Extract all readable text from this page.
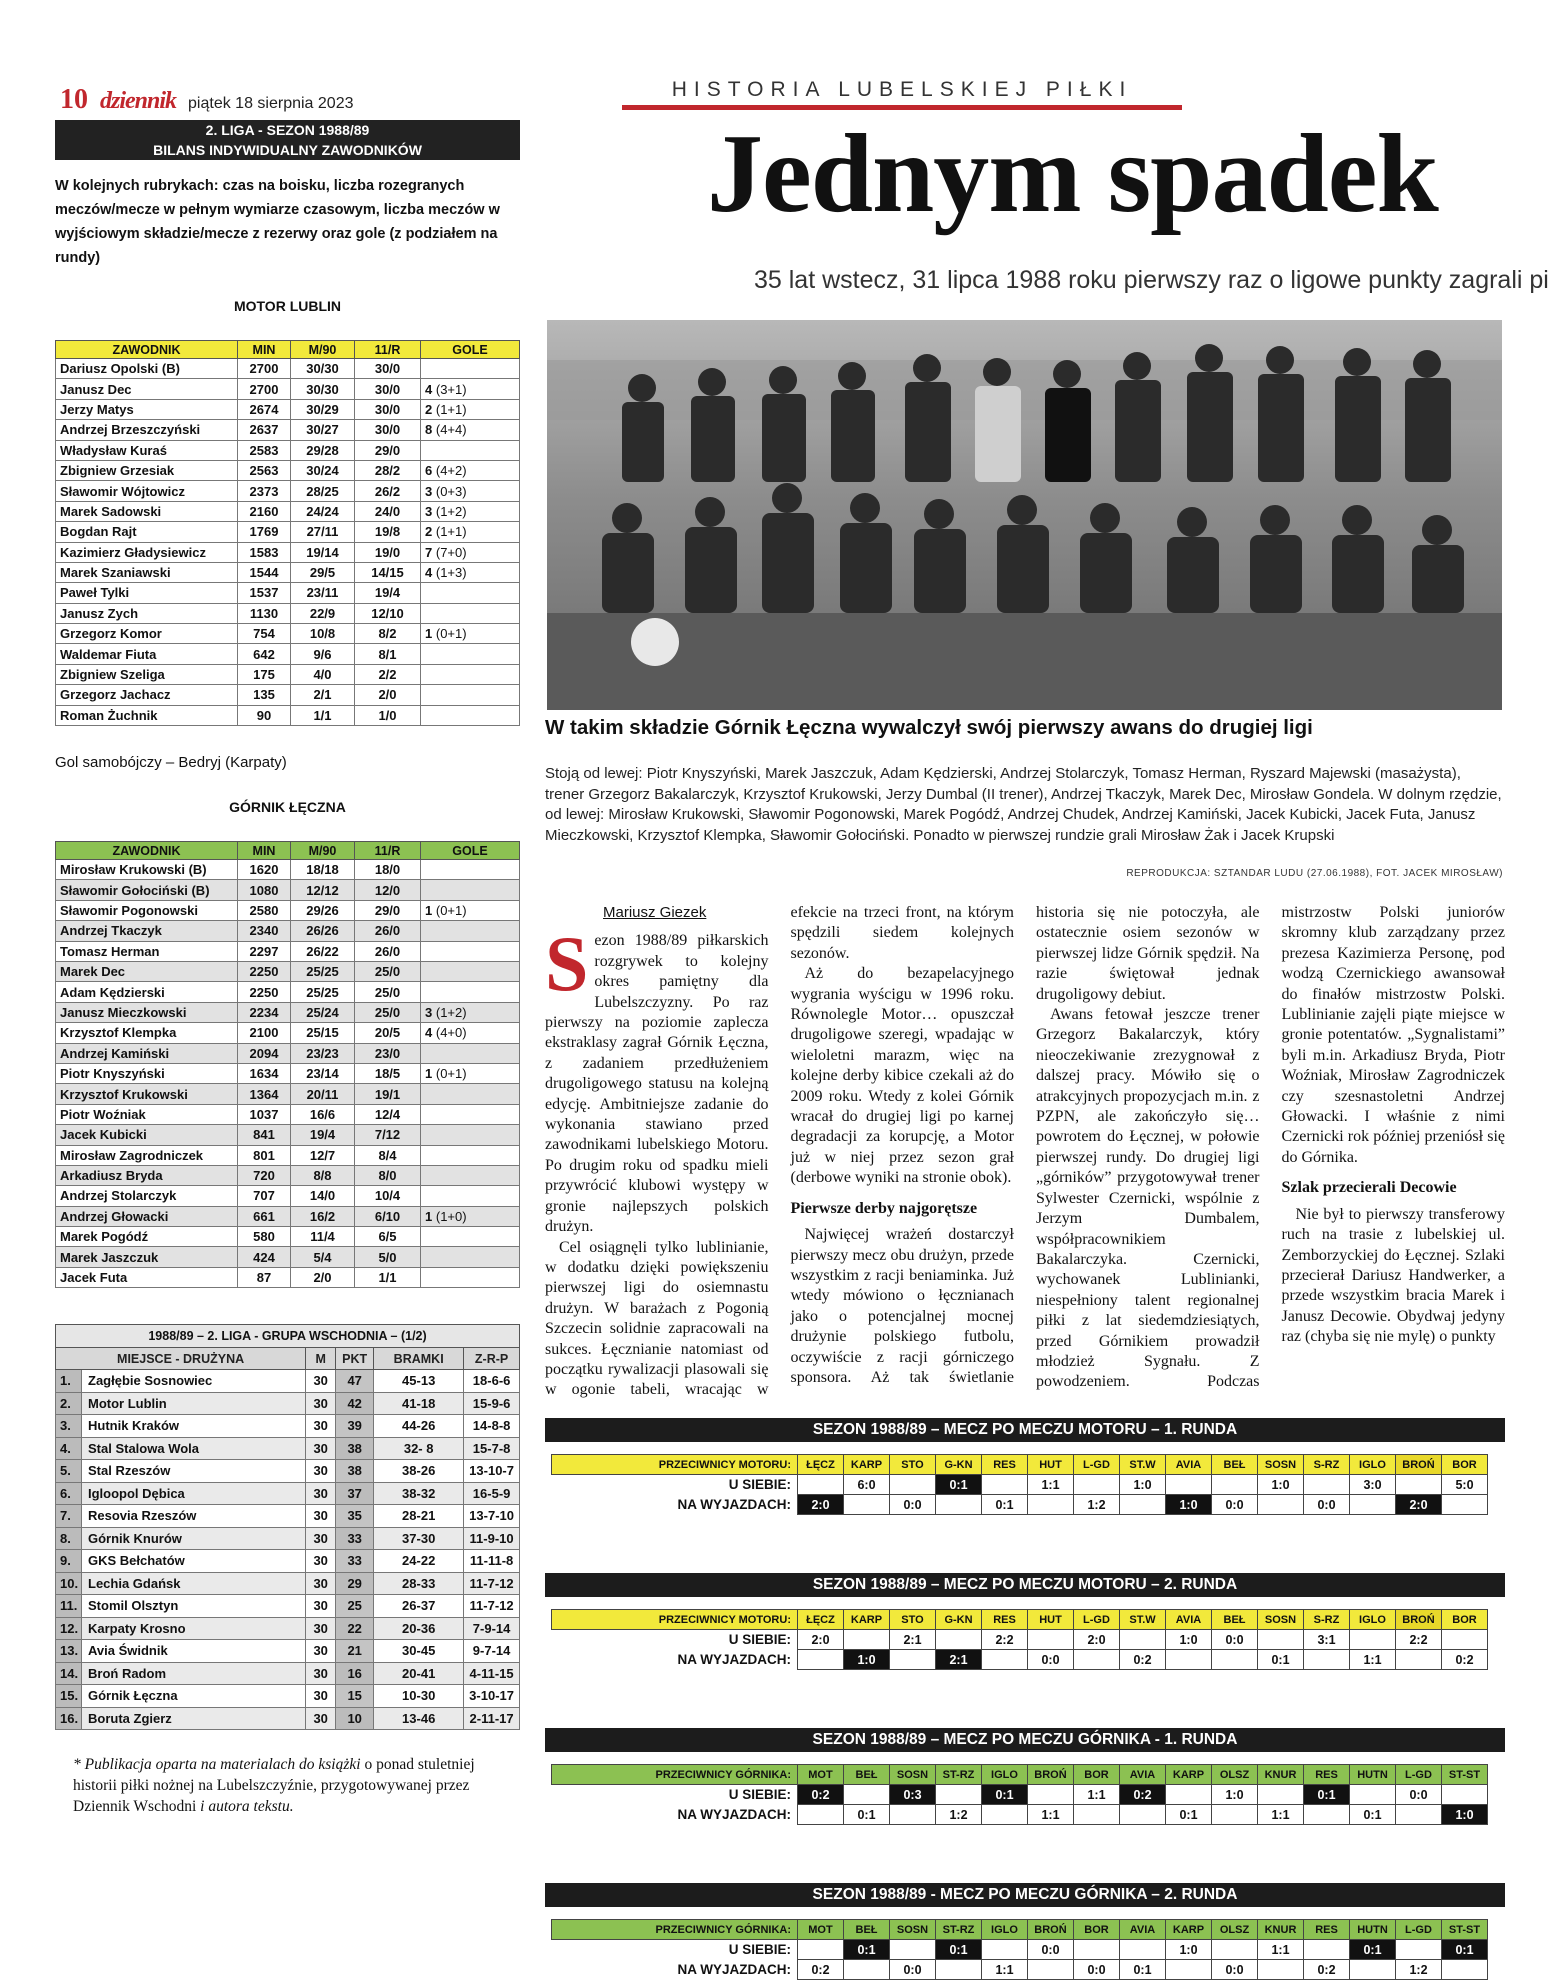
10 dziennik piątek 18 sierpnia 2023
HISTORIA LUBELSKIEJ PIŁKI
Jednym spadek
35 lat wstecz, 31 lipca 1988 roku pierwszy raz o ligowe punkty zagrali pi
2. LIGA - SEZON 1988/89
BILANS INDYWIDUALNY ZAWODNIKÓW
W kolejnych rubrykach: czas na boisku, liczba rozegranych meczów/mecze w pełnym wymiarze czasowym, liczba meczów w wyjściowym składzie/mecze z rezerwy oraz gole (z podziałem na rundy)
MOTOR LUBLIN
ZAWODNIK	MIN	M/90	11/R	GOLE
Dariusz Opolski (B)	2700	30/30	30/0	
Janusz Dec	2700	30/30	30/0	4 (3+1)
Jerzy Matys	2674	30/29	30/0	2 (1+1)
Andrzej Brzeszczyński	2637	30/27	30/0	8 (4+4)
Władysław Kuraś	2583	29/28	29/0	
Zbigniew Grzesiak	2563	30/24	28/2	6 (4+2)
Sławomir Wójtowicz	2373	28/25	26/2	3 (0+3)
Marek Sadowski	2160	24/24	24/0	3 (1+2)
Bogdan Rajt	1769	27/11	19/8	2 (1+1)
Kazimierz Gładysiewicz	1583	19/14	19/0	7 (7+0)
Marek Szaniawski	1544	29/5	14/15	4 (1+3)
Paweł Tylki	1537	23/11	19/4	
Janusz Zych	1130	22/9	12/10	
Grzegorz Komor	754	10/8	8/2	1 (0+1)
Waldemar Fiuta	642	9/6	8/1	
Zbigniew Szeliga	175	4/0	2/2	
Grzegorz Jachacz	135	2/1	2/0	
Roman Żuchnik	90	1/1	1/0	
Gol samobójczy – Bedryj (Karpaty)
GÓRNIK ŁĘCZNA
ZAWODNIK	MIN	M/90	11/R	GOLE
Mirosław Krukowski (B)	1620	18/18	18/0	
Sławomir Gołociński (B)	1080	12/12	12/0	
Sławomir Pogonowski	2580	29/26	29/0	1 (0+1)
Andrzej Tkaczyk	2340	26/26	26/0	
Tomasz Herman	2297	26/22	26/0	
Marek Dec	2250	25/25	25/0	
Adam Kędzierski	2250	25/25	25/0	
Janusz Mieczkowski	2234	25/24	25/0	3 (1+2)
Krzysztof Klempka	2100	25/15	20/5	4 (4+0)
Andrzej Kamiński	2094	23/23	23/0	
Piotr Knyszyński	1634	23/14	18/5	1 (0+1)
Krzysztof Krukowski	1364	20/11	19/1	
Piotr Woźniak	1037	16/6	12/4	
Jacek Kubicki	841	19/4	7/12	
Mirosław Zagrodniczek	801	12/7	8/4	
Arkadiusz Bryda	720	8/8	8/0	
Andrzej Stolarczyk	707	14/0	10/4	
Andrzej Głowacki	661	16/2	6/10	1 (1+0)
Marek Pogódź	580	11/4	6/5	
Marek Jaszczuk	424	5/4	5/0	
Jacek Futa	87	2/0	1/1	
1988/89 – 2. LIGA - GRUPA WSCHODNIA – (1/2)					
MIEJSCE - DRUŻYNA		M	PKT	BRAMKI	Z-R-P
1.	Zagłębie Sosnowiec	30	47	45-13	18-6-6
2.	Motor Lublin	30	42	41-18	15-9-6
3.	Hutnik Kraków	30	39	44-26	14-8-8
4.	Stal Stalowa Wola	30	38	32- 8	15-7-8
5.	Stal Rzeszów	30	38	38-26	13-10-7
6.	Igloopol Dębica	30	37	38-32	16-5-9
7.	Resovia Rzeszów	30	35	28-21	13-7-10
8.	Górnik Knurów	30	33	37-30	11-9-10
9.	GKS Bełchatów	30	33	24-22	11-11-8
10.	Lechia Gdańsk	30	29	28-33	11-7-12
11.	Stomil Olsztyn	30	25	26-37	11-7-12
12.	Karpaty Krosno	30	22	20-36	7-9-14
13.	Avia Świdnik	30	21	30-45	9-7-14
14.	Broń Radom	30	16	20-41	4-11-15
15.	Górnik Łęczna	30	15	10-30	3-10-17
16.	Boruta Zgierz	30	10	13-46	2-11-17
* Publikacja oparta na materialach do książki o ponad stuletniej historii piłki nożnej na Lubelszczyźnie, przygotowywanej przez Dziennik Wschodni i autora tekstu.
W takim składzie Górnik Łęczna wywalczył swój pierwszy awans do drugiej ligi
Stoją od lewej: Piotr Knyszyński, Marek Jaszczuk, Adam Kędzierski, Andrzej Stolarczyk, Tomasz Herman, Ryszard Majewski (masażysta), trener Grzegorz Bakalarczyk, Krzysztof Krukowski, Jerzy Dumbal (II trener), Andrzej Tkaczyk, Marek Dec, Mirosław Gondela. W dolnym rzędzie, od lewej: Mirosław Krukowski, Sławomir Pogonowski, Marek Pogódź, Andrzej Chudek, Andrzej Kamiński, Jacek Kubicki, Jacek Futa, Janusz Mieczkowski, Krzysztof Klempka, Sławomir Gołociński. Ponadto w pierwszej rundzie grali Mirosław Żak i Jacek Krupski
REPRODUKCJA: SZTANDAR LUDU (27.06.1988), FOT. JACEK MIROSŁAW)
Mariusz Giezek

Sezon 1988/89 piłkarskich rozgrywek to kolejny okres pamiętny dla Lubelszczyzny. Po raz pierwszy na poziomie zaplecza ekstraklasy zagrał Górnik Łęczna, z zadaniem przedłużeniem drugoligowego statusu na kolejną edycję. Ambitniejsze zadanie do wykonania stawiano przed zawodnikami lubelskiego Motoru. Po drugim roku od spadku mieli przywrócić klubowi występy w gronie najlepszych polskich drużyn.

Cel osiągnęli tylko lublinianie, w dodatku dzięki powiększeniu pierwszej ligi do osiemnastu drużyn. W barażach z Pogonią Szczecin solidnie zapracowali na sukces. Łęcznianie natomiast od początku rywalizacji plasowali się w ogonie tabeli, wracając w efekcie na trzeci front, na którym spędzili siedem kolejnych sezonów.

Aż do bezapelacyjnego wygrania wyścigu w 1996 roku. Równolegle Motor… opuszczał drugoligowe szeregi, wpadając w wieloletni marazm, więc na kolejne derby kibice czekali aż do 2009 roku. Wtedy z kolei Górnik wracał do drugiej ligi po karnej degradacji za korupcję, a Motor już w niej przez sezon grał (derbowe wyniki na stronie obok).

Pierwsze derby najgorętsze

Najwięcej wrażeń dostarczył pierwszy mecz obu drużyn, przede wszystkim z racji beniaminka. Już wtedy mówiono o łęcznianach jako o potencjalnej mocnej drużynie polskiego futbolu, oczywiście z racji górniczego sponsora. Aż tak świetlanie historia się nie potoczyła, ale ostatecznie osiem sezonów w pierwszej lidze Górnik spędził. Na razie świętował jednak drugoligowy debiut.

Awans fetował jeszcze trener Grzegorz Bakalarczyk, który nieoczekiwanie zrezygnował z dalszej pracy. Mówiło się o atrakcyjnych propozycjach m.in. z PZPN, ale zakończyło się… powrotem do Łęcznej, w połowie pierwszej rundy. Do drugiej ligi „górników” przygotowywał trener Sylwester Czernicki, wspólnie z Jerzym Dumbalem, współpracownikiem Bakalarczyka. Czernicki, wychowanek Lublinianki, niespełniony talent regionalnej piłki z lat siedemdziesiątych, przed Górnikiem prowadził młodzież Sygnału. Z powodzeniem. Podczas mistrzostw Polski juniorów skromny klub zarządzany przez prezesa Kazimierza Personę, pod wodzą Czernickiego awansował do finałów mistrzostw Polski. Lublinianie zajęli piąte miejsce w gronie potentatów. „Sygnalistami” byli m.in. Arkadiusz Bryda, Piotr Woźniak, Mirosław Zagrodniczek czy szesnastoletni Andrzej Głowacki. I właśnie z nimi Czernicki rok później przeniósł się do Górnika.

Szlak przecierali Decowie

Nie był to pierwszy transferowy ruch na trasie z lubelskiej ul. Zemborzyckiej do Łęcznej. Szlaki przecierał Dariusz Handwerker, a przede wszystkim bracia Marek i Janusz Decowie. Obydwaj jedyny raz (chyba się nie mylę) o punkty

SEZON 1988/89 – MECZ PO MECZU MOTORU – 1. RUNDA
PRZECIWNICY MOTORU:	ŁĘCZ	KARP	STO	G-KN	RES	HUT	L-GD	ST.W	AVIA	BEŁ	SOSN	S-RZ	IGLO	BROŃ	BOR
U SIEBIE:		6:0		0:1		1:1		1:0			1:0		3:0		5:0
NA WYJAZDACH:	2:0		0:0		0:1		1:2		1:0	0:0		0:0		2:0	
SEZON 1988/89 – MECZ PO MECZU MOTORU – 2. RUNDA
PRZECIWNICY MOTORU:	ŁĘCZ	KARP	STO	G-KN	RES	HUT	L-GD	ST.W	AVIA	BEŁ	SOSN	S-RZ	IGLO	BROŃ	BOR
U SIEBIE:	2:0		2:1		2:2		2:0		1:0	0:0		3:1		2:2	
NA WYJAZDACH:		1:0		2:1		0:0		0:2			0:1		1:1		0:2
SEZON 1988/89 – MECZ PO MECZU GÓRNIKA - 1. RUNDA
PRZECIWNICY GÓRNIKA:	MOT	BEŁ	SOSN	ST-RZ	IGLO	BROŃ	BOR	AVIA	KARP	OLSZ	KNUR	RES	HUTN	L-GD	ST-ST
U SIEBIE:	0:2		0:3		0:1		1:1	0:2		1:0		0:1		0:0	
NA WYJAZDACH:		0:1		1:2		1:1			0:1		1:1		0:1		1:0
SEZON 1988/89 - MECZ PO MECZU GÓRNIKA – 2. RUNDA
PRZECIWNICY GÓRNIKA:	MOT	BEŁ	SOSN	ST-RZ	IGLO	BROŃ	BOR	AVIA	KARP	OLSZ	KNUR	RES	HUTN	L-GD	ST-ST
U SIEBIE:		0:1		0:1		0:0			1:0		1:1		0:1		0:1
NA WYJAZDACH:	0:2		0:0		1:1		0:0	0:1		0:0		0:2		1:2	
